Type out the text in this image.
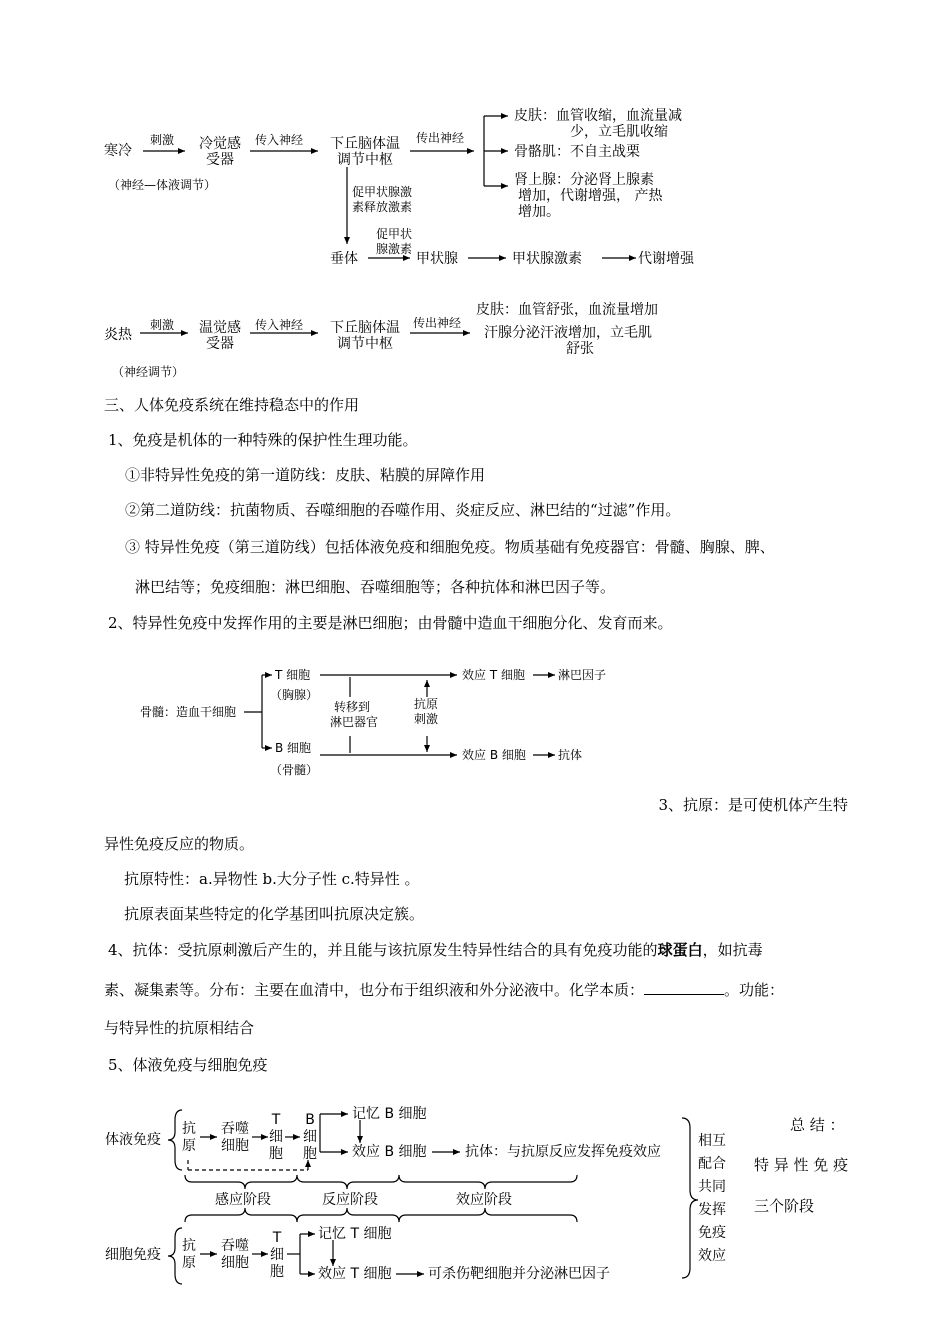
寒冷
刺激	冷觉感
受器
传入神经	下丘脑体温
调节中枢
传出神经
皮肤：血管收缩，血流量减
少，立毛肌收缩
骨骼肌：不自主战栗
肾上腺：分泌肾上腺素
增加，代谢增强， 产热
增加。
（神经—体液调节）	促甲状腺激
素释放激素
促甲状
腺激素
垂体	甲状腺	甲状腺激素	代谢增强
炎热
刺激	温觉感
受器
传入神经	下丘脑体温
调节中枢
传出神经
皮肤：血管舒张，血流量增加
汗腺分泌汗液增加，立毛肌
舒张
（神经调节）
三、人体免疫系统在维持稳态中的作用
1、免疫是机体的一种特殊的保护性生理功能。
①非特异性免疫的第一道防线：皮肤、粘膜的屏障作用
②第二道防线：抗菌物质、吞噬细胞的吞噬作用、炎症反应、淋巴结的“过滤”作用。
③ 特异性免疫（第三道防线）包括体液免疫和细胞免疫。物质基础有免疫器官：骨髓、胸腺、脾、
淋巴结等；免疫细胞：淋巴细胞、吞噬细胞等；各种抗体和淋巴因子等。
2、特异性免疫中发挥作用的主要是淋巴细胞；由骨髓中造血干细胞分化、发育而来。
骨髓：造血干细胞
T 细胞
（胸腺）
B 细胞
（骨髓）
转移到
淋巴器官
抗原
刺激
效应 T 细胞	淋巴因子
效应 B 细胞	抗体
3、抗原：是可使机体产生特
异性免疫反应的物质。
抗原特性：a.异物性 b.大分子性 c.特异性 。
抗原表面某些特定的化学基团叫抗原决定簇。
4、抗体：受抗原刺激后产生的，并且能与该抗原发生特异性结合的具有免疫功能的球蛋白，如抗毒
素、凝集素等。分布：主要在血清中，也分布于组织液和外分泌液中。化学本质：	。功能：
与特异性的抗原相结合
5、体液免疫与细胞免疫
体液免疫
抗
原
吞噬
细胞
T
细
胞
B
细
胞
记忆 B 细胞
效应 B 细胞	抗体：与抗原反应发挥免疫效应
感应阶段	反应阶段	效应阶段
细胞免疫
抗
原
吞噬
细胞
T
细
胞
记忆 T 细胞
效应 T 细胞	可杀伤靶细胞并分泌淋巴因子
相互
配合
共同
发挥
免疫
效应
总 结 ：
特 异 性 免 疫
三个阶段
